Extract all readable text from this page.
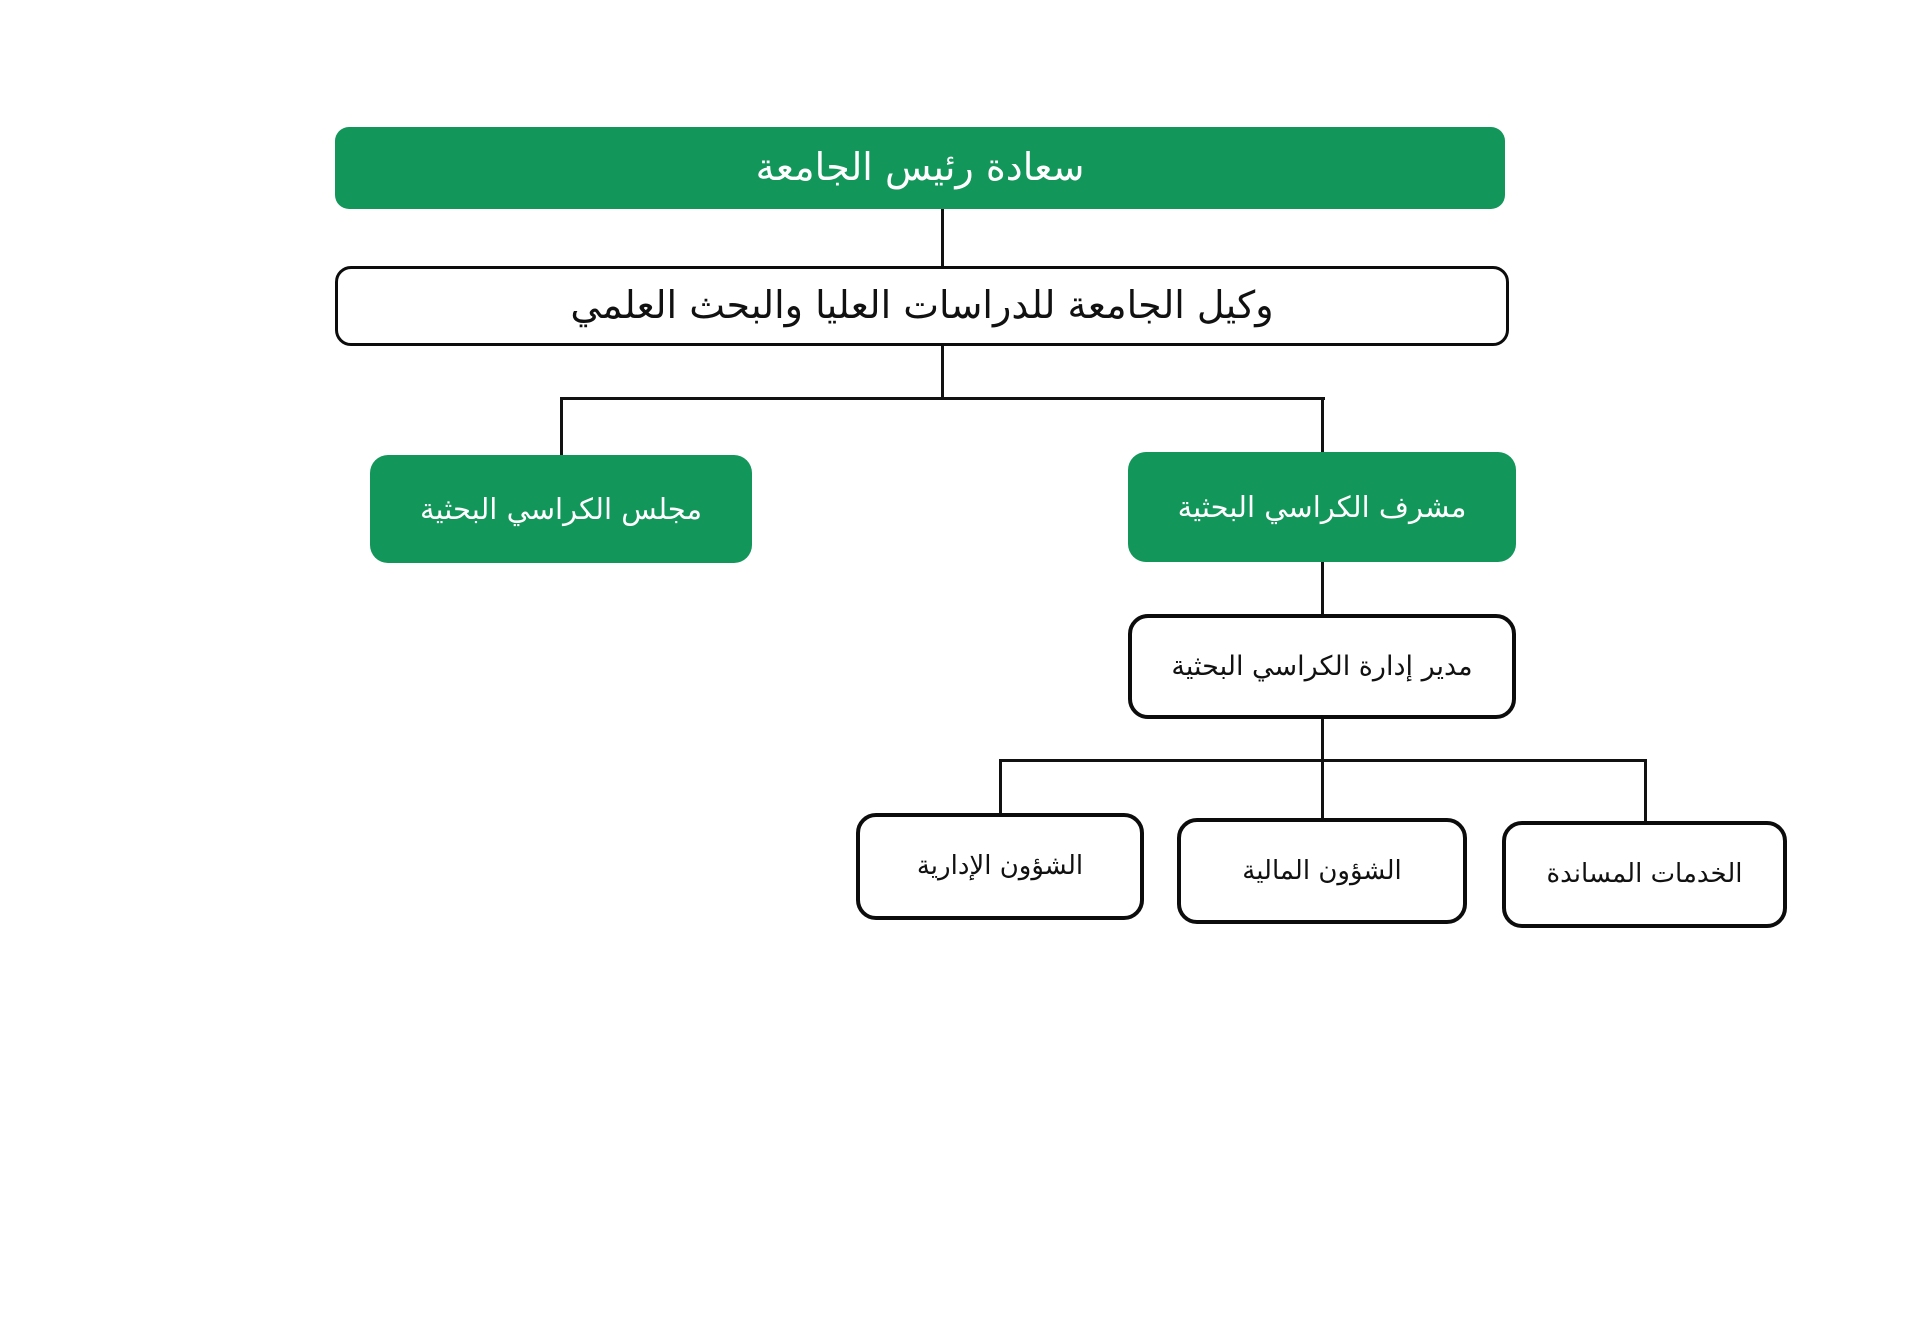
سعادة رئيس الجامعة
وكيل الجامعة للدراسات العليا والبحث العلمي
مجلس الكراسي البحثية	مشرف الكراسي البحثية
مدير إدارة الكراسي البحثية
الشؤون الإدارية	الشؤون المالية	الخدمات المساندة
